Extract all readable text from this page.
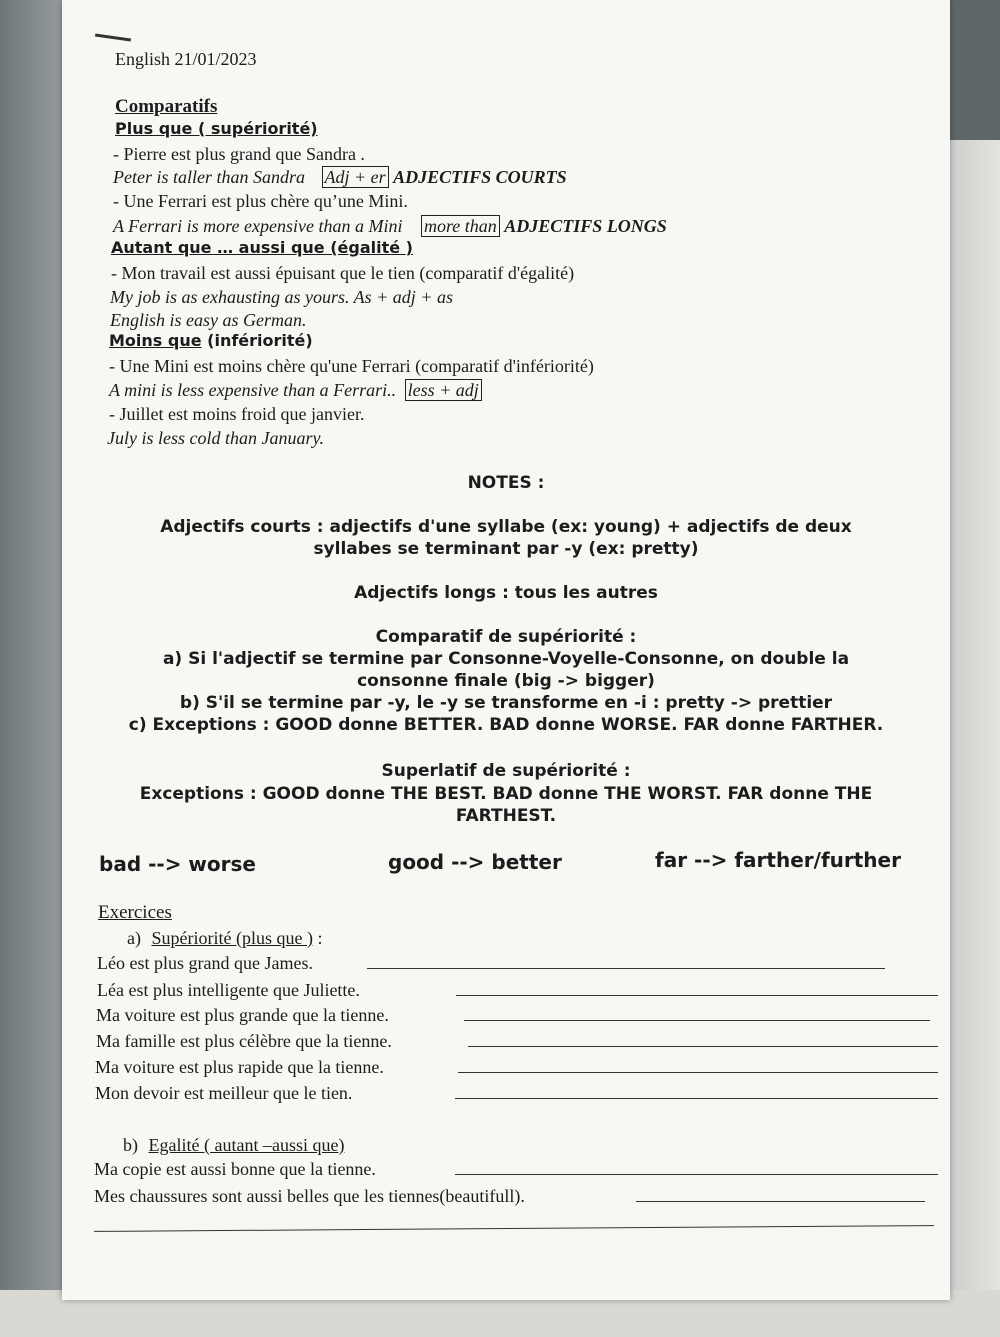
English 21/01/2023
Comparatifs
Plus que ( supériorité)
- Pierre est plus grand que Sandra .
Peter is taller than Sandra Adj + er ADJECTIFS COURTS
- Une Ferrari est plus chère qu’une Mini.
A Ferrari is more expensive than a Mini more than ADJECTIFS LONGS
Autant que … aussi que (égalité )
- Mon travail est aussi épuisant que le tien (comparatif d'égalité)
My job is as exhausting as yours. As + adj + as
English is easy as German.
Moins que (infériorité)
- Une Mini est moins chère qu'une Ferrari (comparatif d'infériorité)
A mini is less expensive than a Ferrari.. less + adj
- Juillet est moins froid que janvier.
July is less cold than January.
NOTES :
Adjectifs courts : adjectifs d'une syllabe (ex: young) + adjectifs de deux
syllabes se terminant par -y (ex: pretty)
Adjectifs longs : tous les autres
Comparatif de supériorité :
a) Si l'adjectif se termine par Consonne-Voyelle-Consonne, on double la
consonne finale (big -> bigger)
b) S'il se termine par -y, le -y se transforme en -i : pretty -> prettier
c) Exceptions : GOOD donne BETTER. BAD donne WORSE. FAR donne FARTHER.
Superlatif de supériorité :
Exceptions : GOOD donne THE BEST. BAD donne THE WORST. FAR donne THE
FARTHEST.
bad --> worse	good --> better	far --> farther/further
Exercices
a) Supériorité (plus que ) :
Léo est plus grand que James.
Léa est plus intelligente que Juliette.
Ma voiture est plus grande que la tienne.
Ma famille est plus célèbre que la tienne.
Ma voiture est plus rapide que la tienne.
Mon devoir est meilleur que le tien.
b) Egalité ( autant –aussi que)
Ma copie est aussi bonne que la tienne.
Mes chaussures sont aussi belles que les tiennes(beautifull).
